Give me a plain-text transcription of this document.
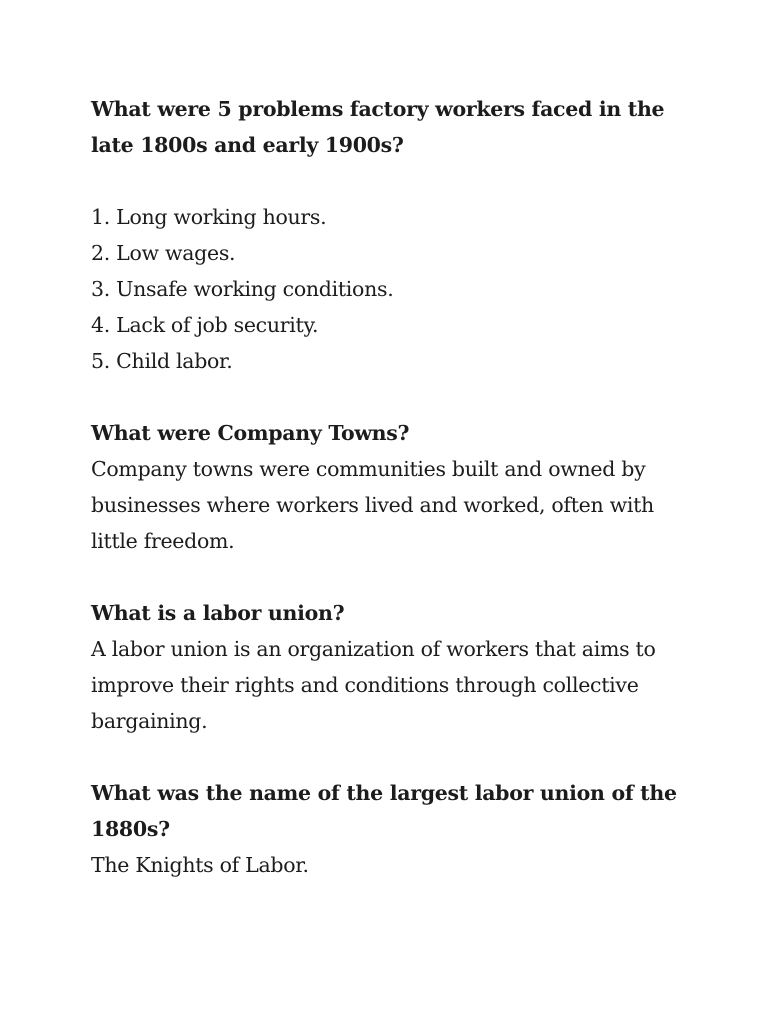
What were 5 problems factory workers faced in the late 1800s and early 1900s?

1. Long working hours.
2. Low wages.
3. Unsafe working conditions.
4. Lack of job security.
5. Child labor.

What were Company Towns?

Company towns were communities built and owned by businesses where workers lived and worked, often with little freedom.

What is a labor union?

A labor union is an organization of workers that aims to improve their rights and conditions through collective bargaining.

What was the name of the largest labor union of the 1880s?

The Knights of Labor.
